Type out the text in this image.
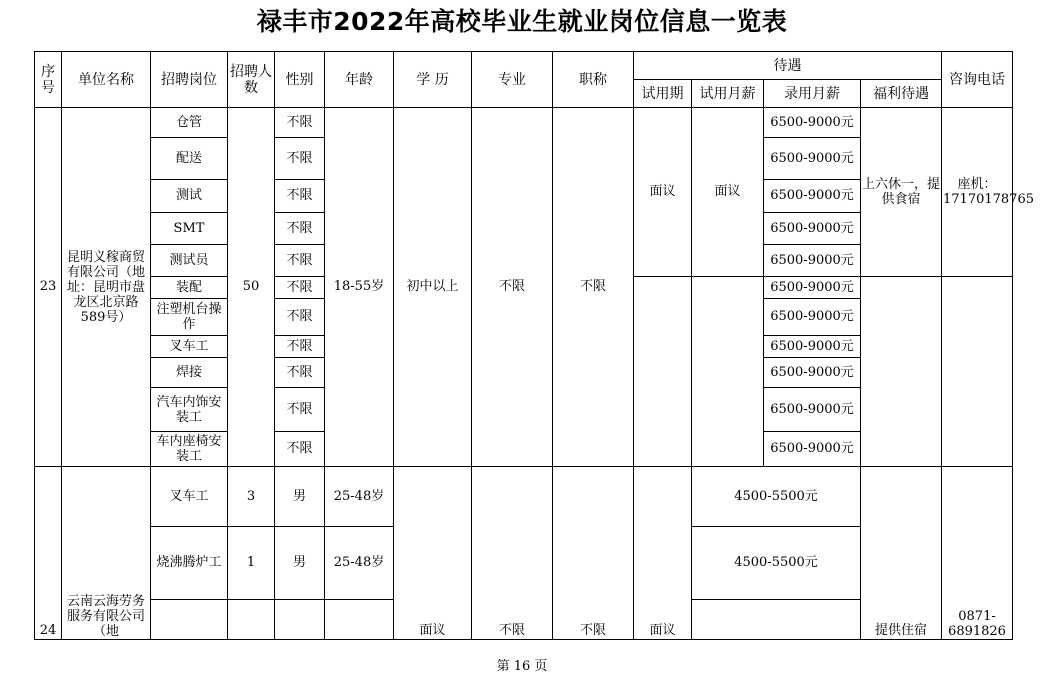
禄丰市2022年高校毕业生就业岗位信息一览表
序号	单位名称	招聘岗位	招聘人数	性别	年龄	学 历	专业	职称	待遇				咨询电话
									试用期	试用月薪	录用月薪	福利待遇	
23	昆明义稼商贸有限公司（地址：昆明市盘龙区北京路589号）	仓管	50	不限	18-55岁	初中以上	不限	不限	面议	面议	6500-9000元	上六休一，提供食宿	座机：17170178765
		配送		不限							6500-9000元		
		测试		不限							6500-9000元		
		SMT		不限							6500-9000元		
		测试员		不限							6500-9000元		
		装配		不限							6500-9000元		
		注塑机台操作		不限							6500-9000元		
		叉车工		不限							6500-9000元		
		焊接		不限							6500-9000元		
		汽车内饰安装工		不限							6500-9000元		
		车内座椅安装工		不限							6500-9000元		
24	云南云海劳务服务有限公司（地	叉车工	3	男	25-48岁	面议	不限	不限	面议	4500-5500元		提供住宿	0871-6891826
		烧沸腾炉工	1	男	25-48岁					4500-5500元			

第 16 页
